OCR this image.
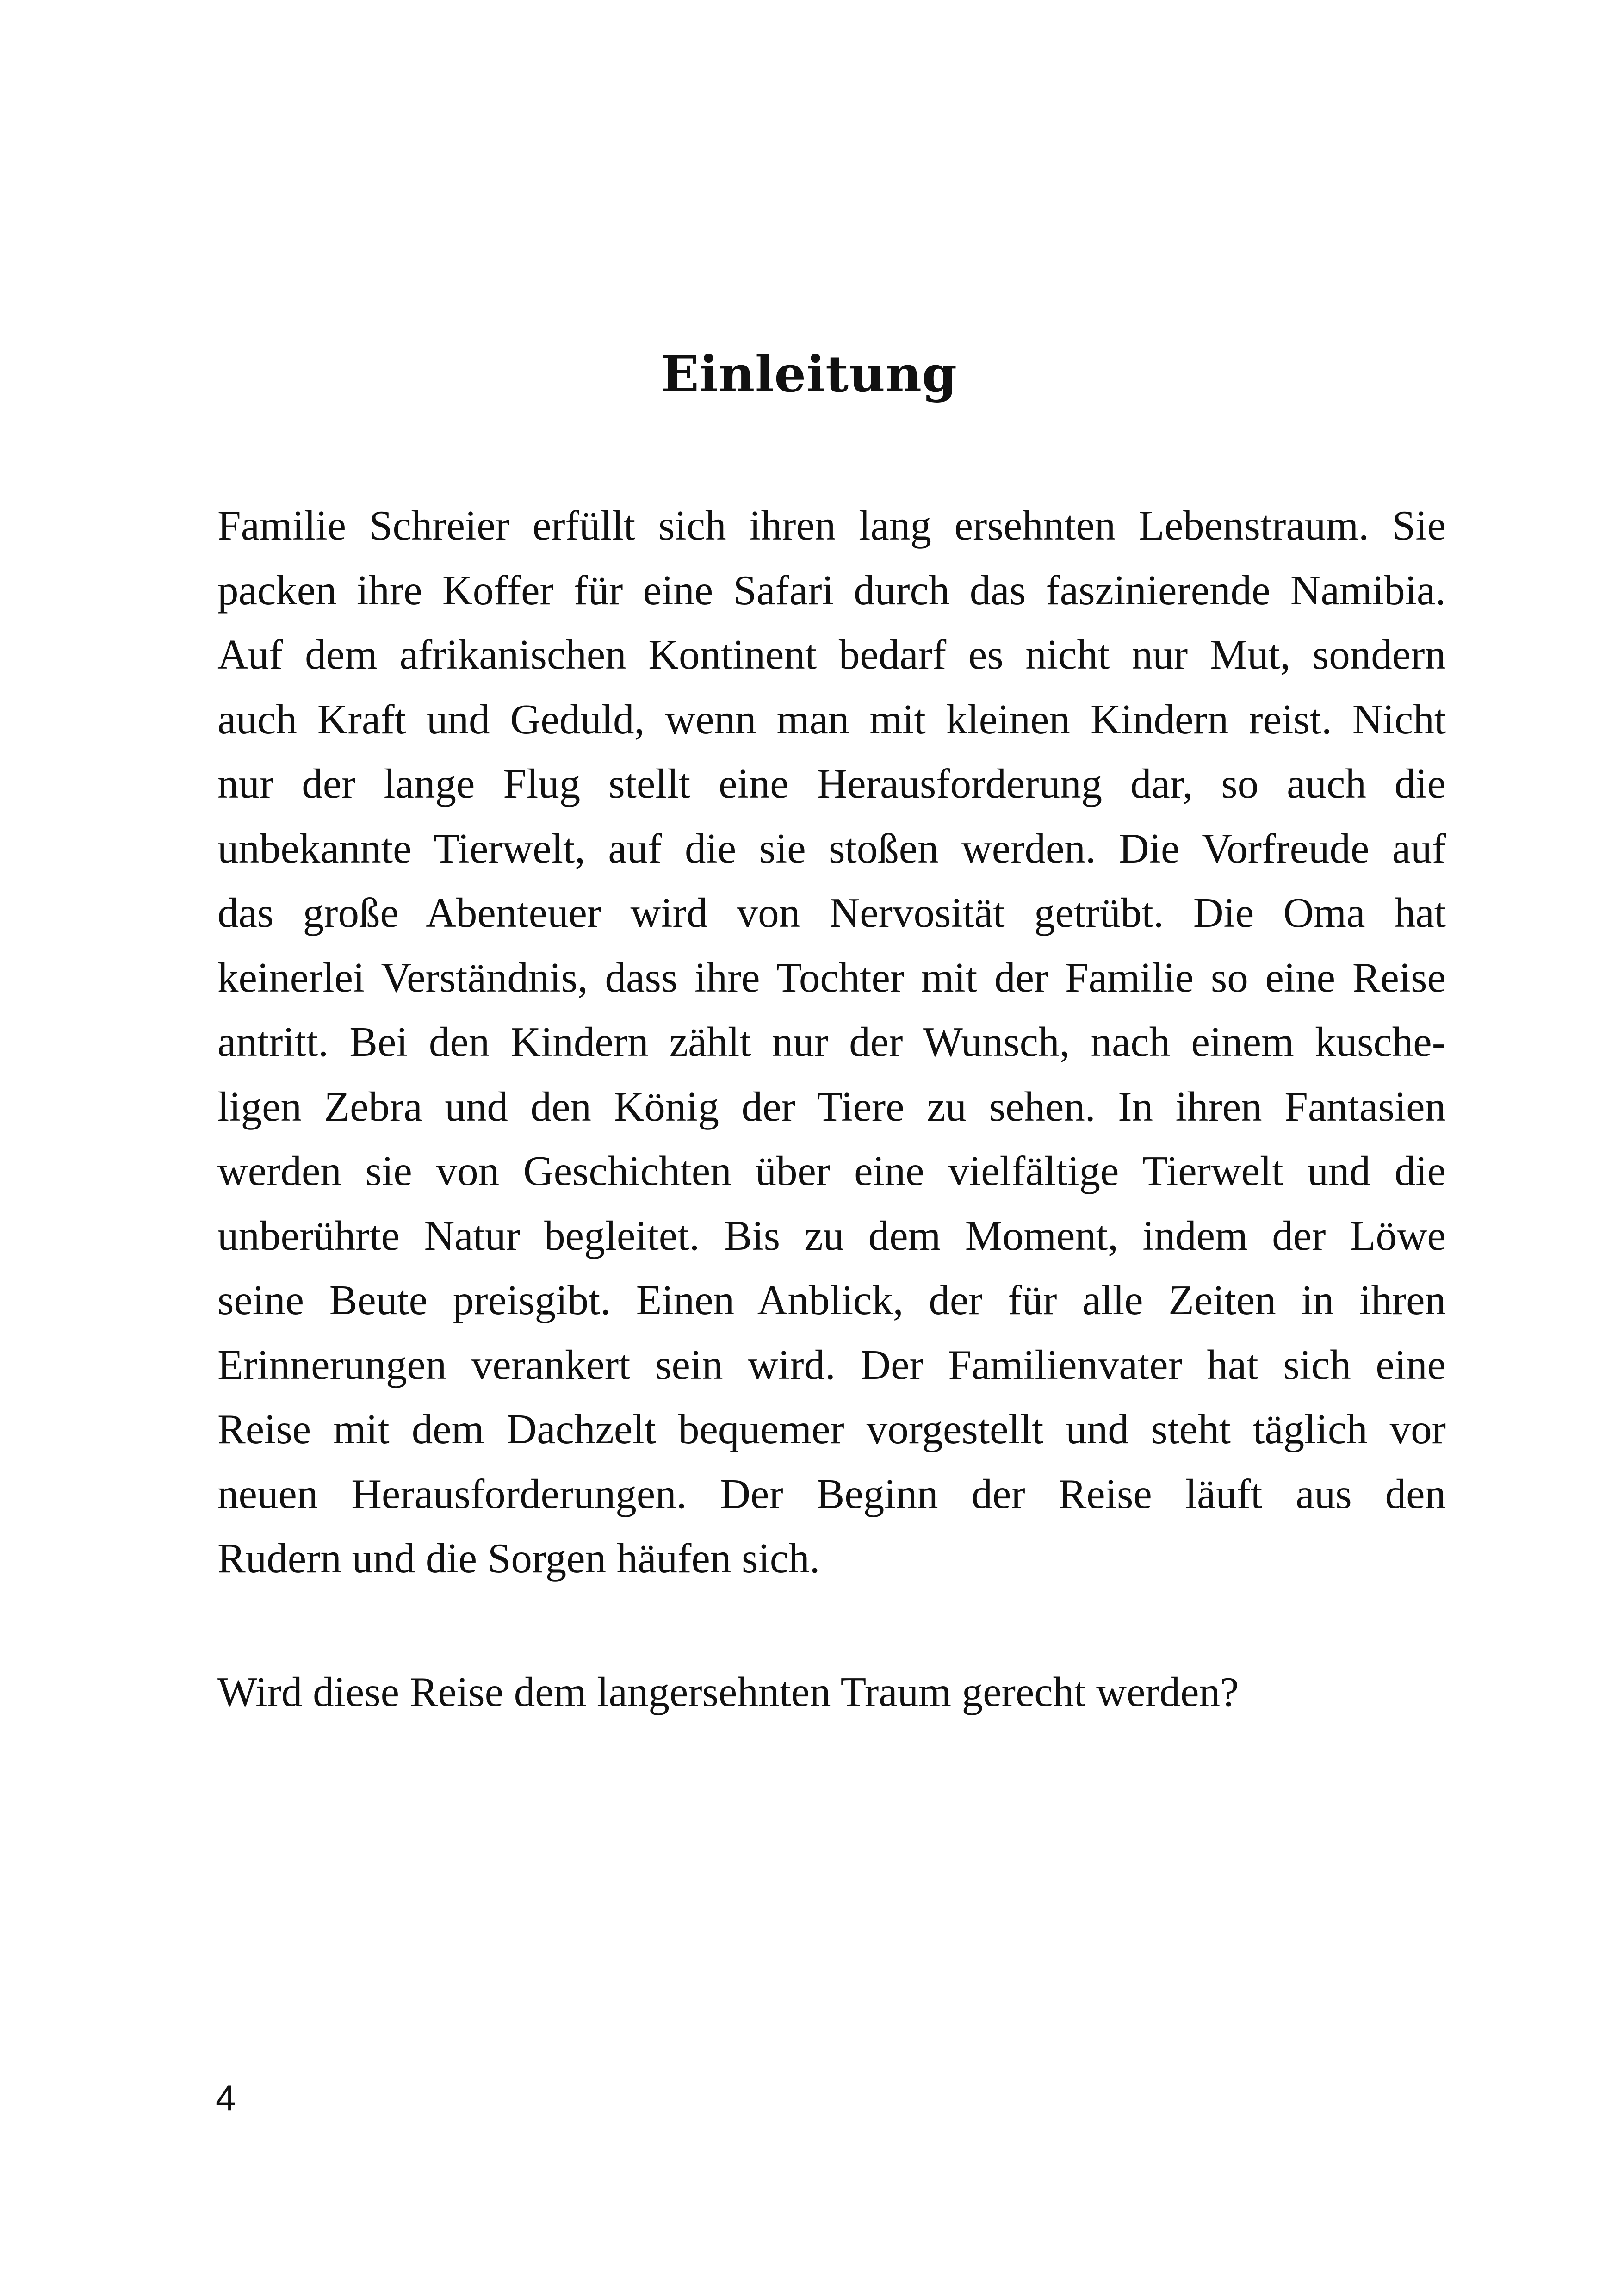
Einleitung

Familie Schreier erfüllt sich ihren lang ersehnten Lebenstraum. Sie
packen ihre Koffer für eine Safari durch das faszinierende Namibia.
Auf dem afrikanischen Kontinent bedarf es nicht nur Mut, sondern
auch Kraft und Geduld, wenn man mit kleinen Kindern reist. Nicht
nur der lange Flug stellt eine Herausforderung dar, so auch die
unbekannte Tierwelt, auf die sie stoßen werden. Die Vorfreude auf
das große Abenteuer wird von Nervosität getrübt. Die Oma hat
keinerlei Verständnis, dass ihre Tochter mit der Familie so eine Reise
antritt. Bei den Kindern zählt nur der Wunsch, nach einem kusche-
ligen Zebra und den König der Tiere zu sehen. In ihren Fantasien
werden sie von Geschichten über eine vielfältige Tierwelt und die
unberührte Natur begleitet. Bis zu dem Moment, indem der Löwe
seine Beute preisgibt. Einen Anblick, der für alle Zeiten in ihren
Erinnerungen verankert sein wird. Der Familienvater hat sich eine
Reise mit dem Dachzelt bequemer vorgestellt und steht täglich vor
neuen Herausforderungen. Der Beginn der Reise läuft aus den
Rudern und die Sorgen häufen sich.

Wird diese Reise dem langersehnten Traum gerecht werden?

4
